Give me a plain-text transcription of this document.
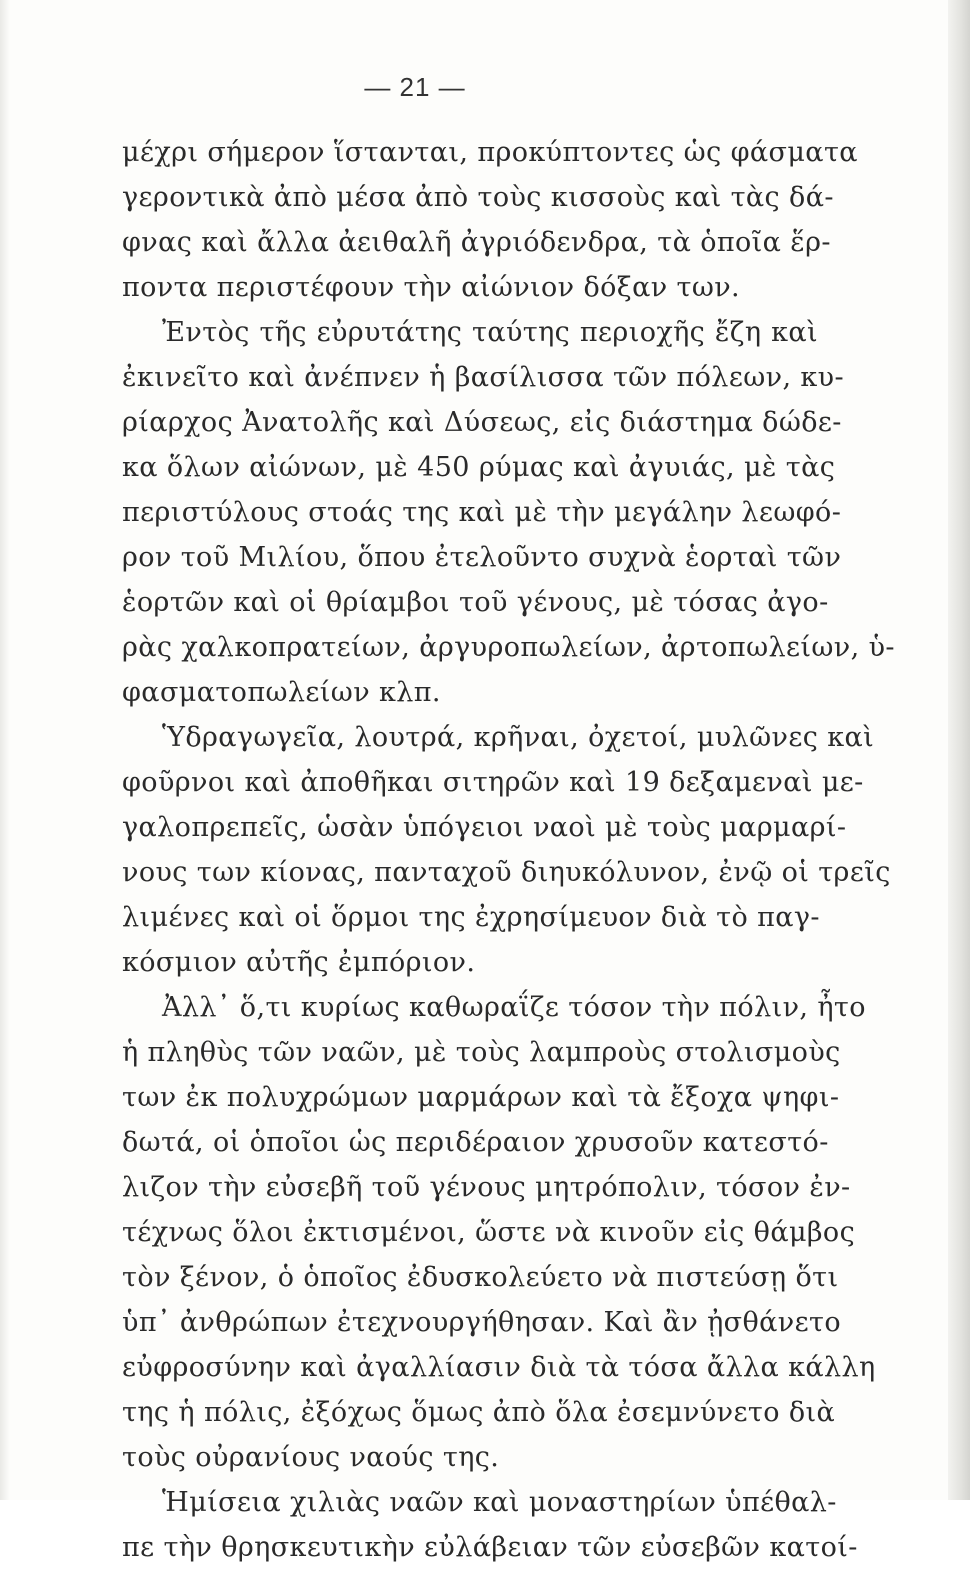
— 21 —
μέχρι σήμερον ἵστανται, προκύπτοντες ὡς φάσματα
γεροντικὰ ἀπὸ μέσα ἀπὸ τοὺς κισσοὺς καὶ τὰς δά-
φνας καὶ ἄλλα ἀειθαλῆ ἀγριόδενδρα, τὰ ὁποῖα ἕρ-
ποντα περιστέφουν τὴν αἰώνιον δόξαν των.
Ἐντὸς τῆς εὐρυτάτης ταύτης περιοχῆς ἔζη καὶ
ἐκινεῖτο καὶ ἀνέπνεν ἡ βασίλισσα τῶν πόλεων, κυ-
ρίαρχος Ἀνατολῆς καὶ Δύσεως, εἰς διάστημα δώδε-
κα ὅλων αἰώνων, μὲ 450 ρύμας καὶ ἀγυιάς, μὲ τὰς
περιστύλους στοάς της καὶ μὲ τὴν μεγάλην λεωφό-
ρον τοῦ Μιλίου, ὅπου ἐτελοῦντο συχνὰ ἑορταὶ τῶν
ἑορτῶν καὶ οἱ θρίαμβοι τοῦ γένους, μὲ τόσας ἀγο-
ρὰς χαλκοπρατείων, ἀργυροπωλείων, ἀρτοπωλείων, ὑ-
φασματοπωλείων κλπ.
Ὑδραγωγεῖα, λουτρά, κρῆναι, ὀχετοί, μυλῶνες καὶ
φοῦρνοι καὶ ἀποθῆκαι σιτηρῶν καὶ 19 δεξαμεναὶ με-
γαλοπρεπεῖς, ὡσὰν ὑπόγειοι ναοὶ μὲ τοὺς μαρμαρί-
νους των κίονας, πανταχοῦ διηυκόλυνον, ἐνῷ οἱ τρεῖς
λιμένες καὶ οἱ ὅρμοι της ἐχρησίμευον διὰ τὸ παγ-
κόσμιον αὐτῆς ἐμπόριον.
Ἀλλ᾽ ὅ,τι κυρίως καθωραΐζε τόσον τὴν πόλιν, ἦτο
ἡ πληθὺς τῶν ναῶν, μὲ τοὺς λαμπροὺς στολισμοὺς
των ἐκ πολυχρώμων μαρμάρων καὶ τὰ ἔξοχα ψηφι-
δωτά, οἱ ὁποῖοι ὡς περιδέραιον χρυσοῦν κατεστό-
λιζον τὴν εὐσεβῆ τοῦ γένους μητρόπολιν, τόσον ἐν-
τέχνως ὅλοι ἐκτισμένοι, ὥστε νὰ κινοῦν εἰς θάμβος
τὸν ξένον, ὁ ὁποῖος ἐδυσκολεύετο νὰ πιστεύσῃ ὅτι
ὑπ᾽ ἀνθρώπων ἐτεχνουργήθησαν. Καὶ ἂν ᾐσθάνετο
εὐφροσύνην καὶ ἀγαλλίασιν διὰ τὰ τόσα ἄλλα κάλλη
της ἡ πόλις, ἐξόχως ὅμως ἀπὸ ὅλα ἐσεμνύνετο διὰ
τοὺς οὐρανίους ναούς της.
Ἡμίσεια χιλιὰς ναῶν καὶ μοναστηρίων ὑπέθαλ-
πε τὴν θρησκευτικὴν εὐλάβειαν τῶν εὐσεβῶν κατοί-
